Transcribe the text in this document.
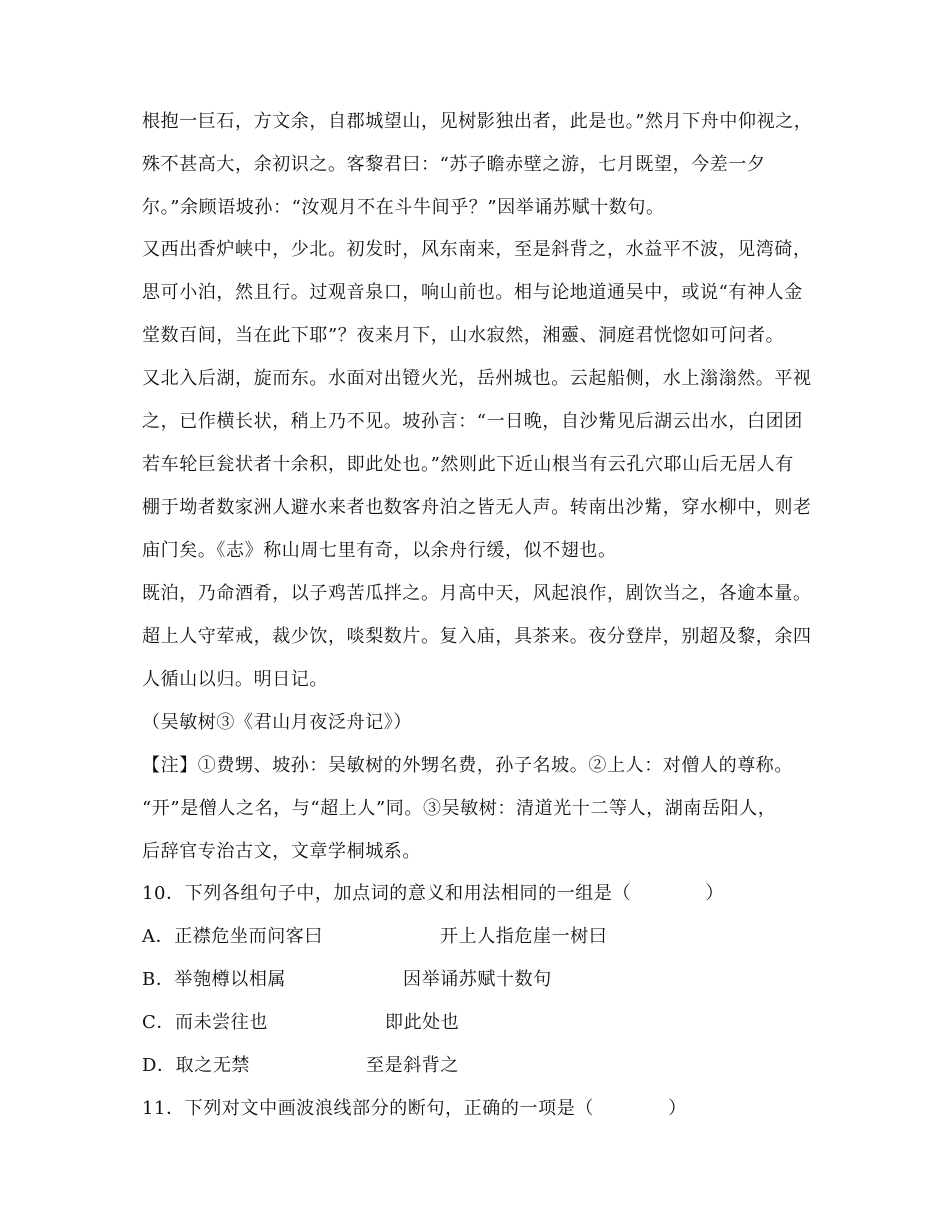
根抱一巨石，方文余，自郡城望山，见树影独出者，此是也。”然月下舟中仰视之，
殊不甚高大，余初识之。客黎君曰：“苏子瞻赤壁之游，七月既望，今差一夕
尔。”余顾语坡孙：“汝观月不在斗牛间乎？”因举诵苏赋十数句。
又西出香炉峡中，少北。初发时，风东南来，至是斜背之，水益平不波，见湾碕，
思可小泊，然且行。过观音泉口，响山前也。相与论地道通吴中，或说“有神人金
堂数百间，当在此下耶”？夜来月下，山水寂然，湘靈、洞庭君恍惚如可问者。
又北入后湖，旋而东。水面对出镫火光，岳州城也。云起船侧，水上滃滃然。平视
之，已作横长状，稍上乃不见。坡孙言：“一日晚，自沙觜见后湖云出水，白团团
若车轮巨瓮状者十余积，即此处也。”然则此下近山根当有云孔穴耶山后无居人有
棚于坳者数家洲人避水来者也数客舟泊之皆无人声。转南出沙觜，穿水柳中，则老
庙门矣。《志》称山周七里有奇，以余舟行缓，似不翅也。
既泊，乃命酒肴，以子鸡苦瓜拌之。月高中天，风起浪作，剧饮当之，各逾本量。
超上人守荤戒，裁少饮，啖梨数片。复入庙，具茶来。夜分登岸，别超及黎，余四
人循山以归。明日记。
（吴敏树③《君山月夜泛舟记》）
【注】①费甥、坡孙：吴敏树的外甥名费，孙子名坡。②上人：对僧人的尊称。
“开”是僧人之名，与“超上人”同。③吴敏树：清道光十二等人，湖南岳阳人，
后辞官专治古文，文章学桐城系。
10．下列各组句子中，加点词的意义和用法相同的一组是（　　　　）
A．正襟危坐而问客曰	开上人指危崖一树曰
B．举匏樽以相属	因举诵苏赋十数句
C．而未尝往也	即此处也
D．取之无禁	至是斜背之
11．下列对文中画波浪线部分的断句，正确的一项是（　　　　）
